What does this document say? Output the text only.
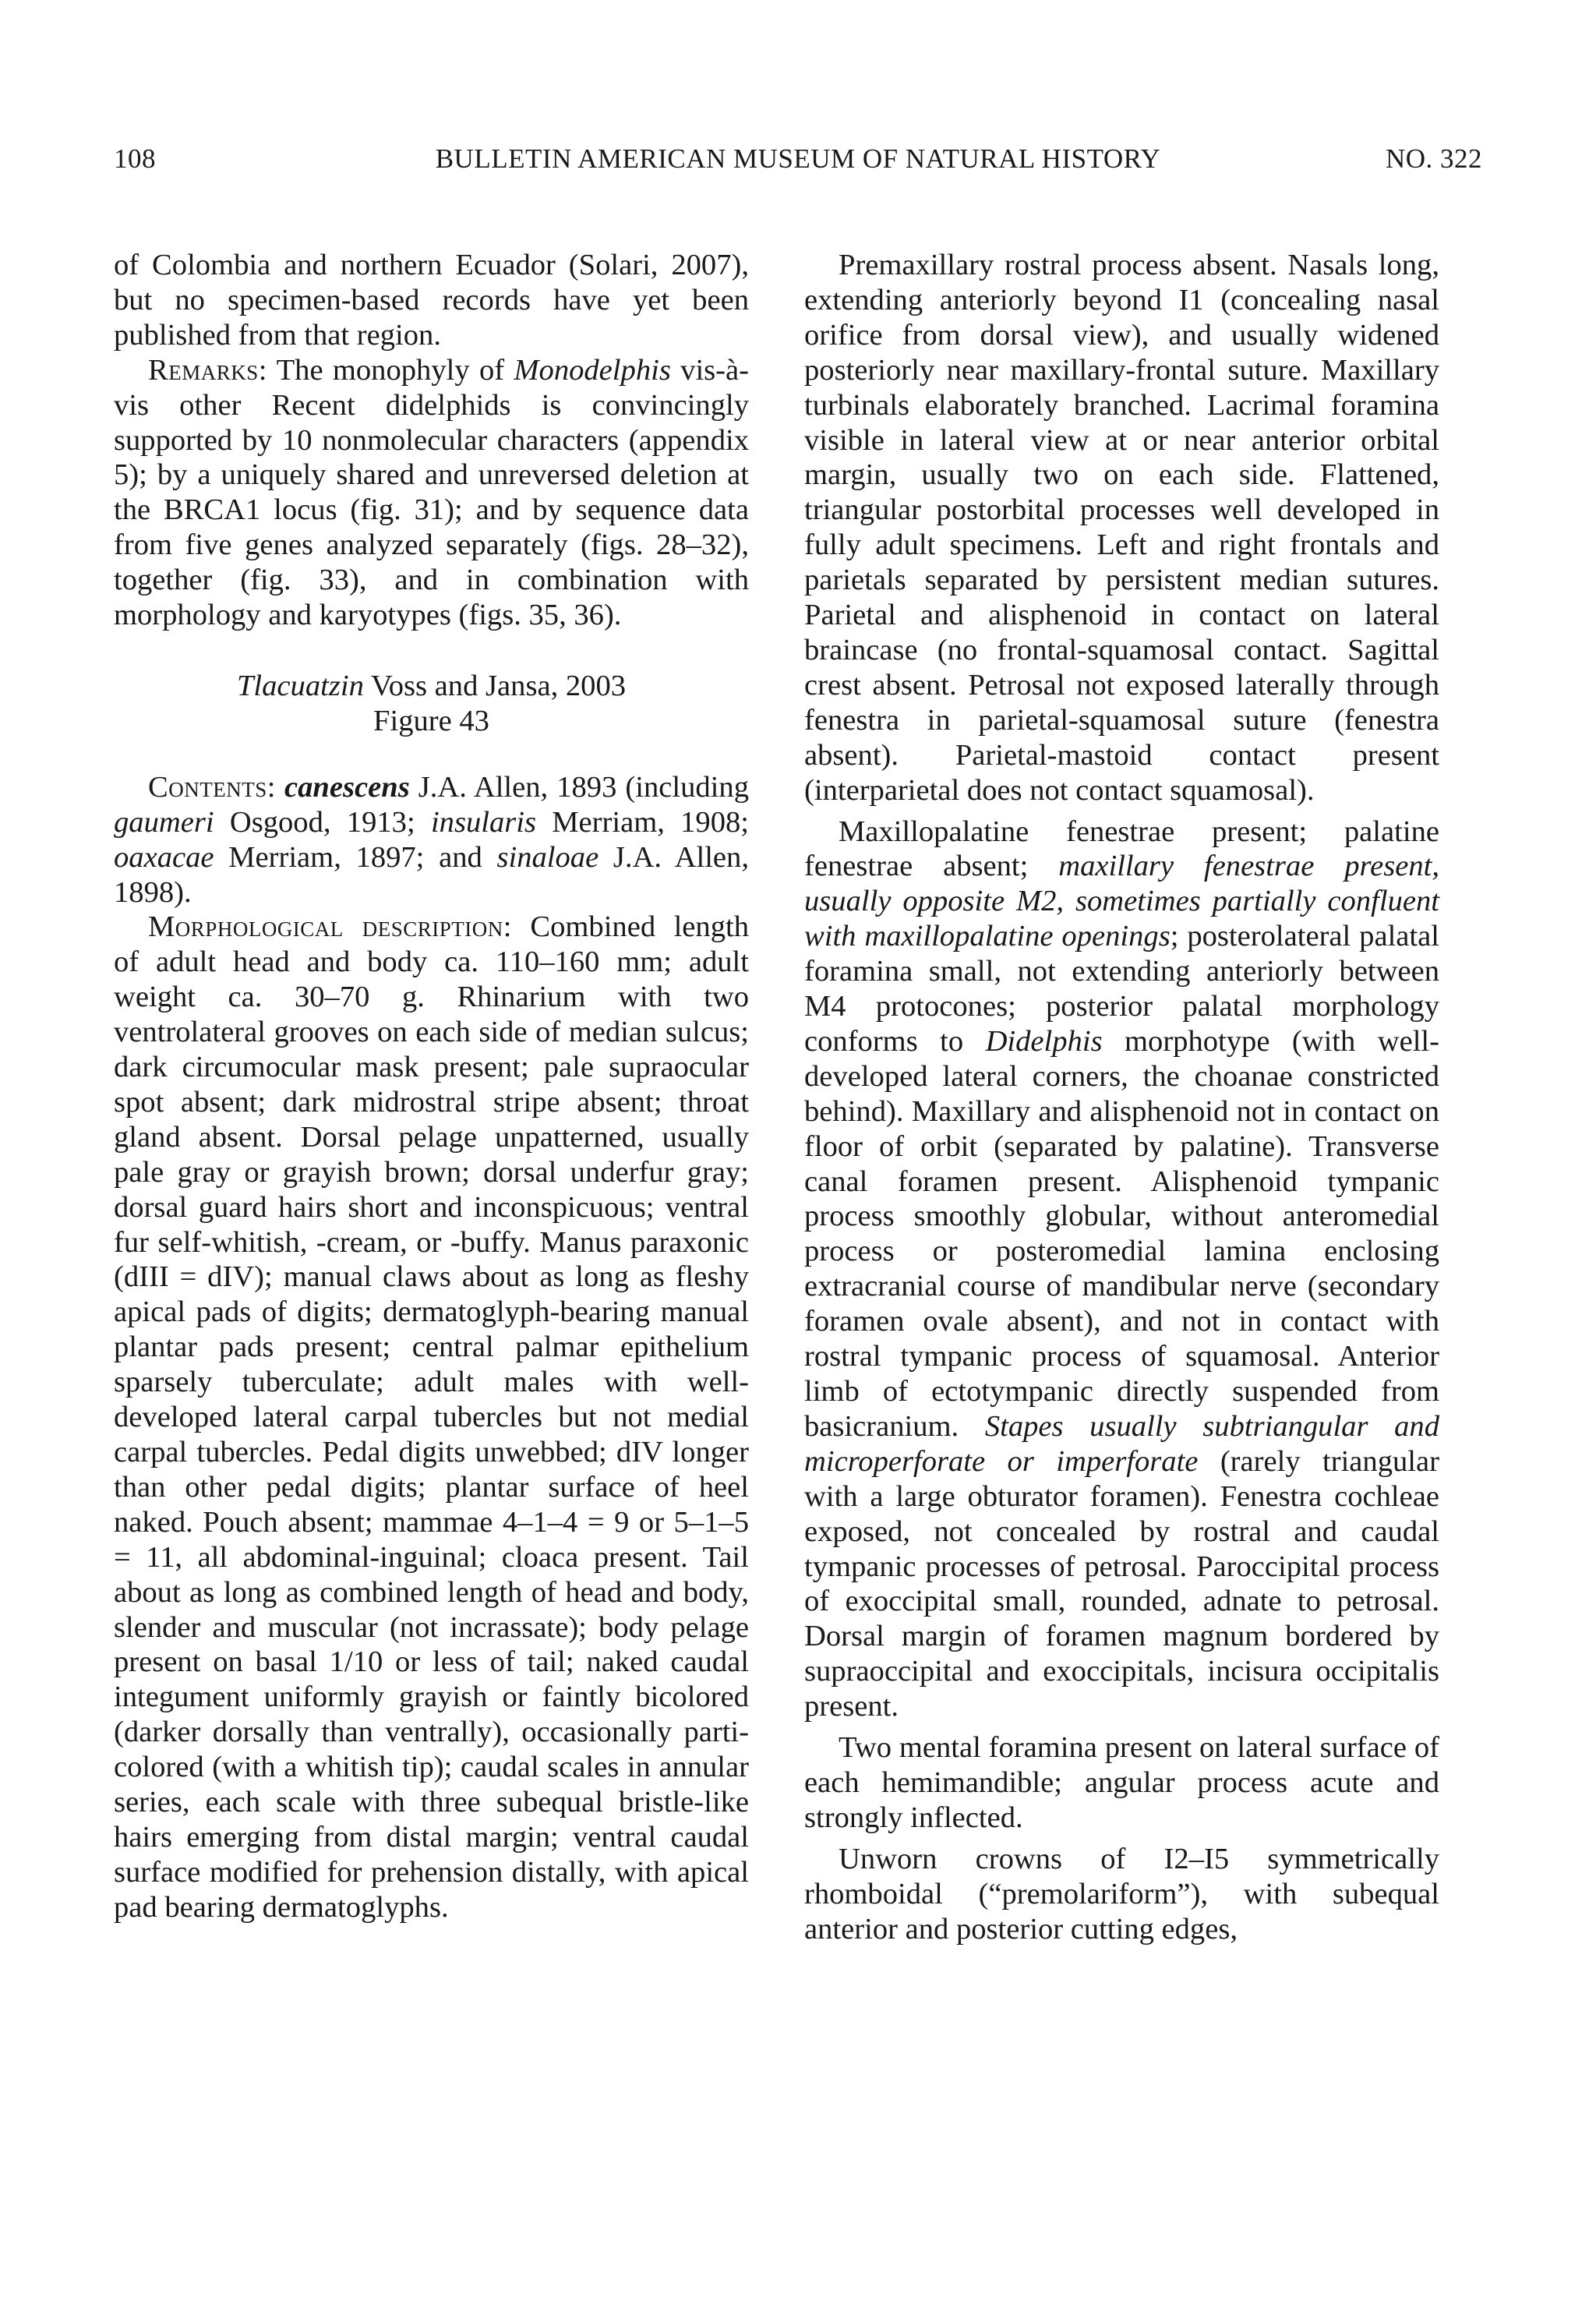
108	BULLETIN AMERICAN MUSEUM OF NATURAL HISTORY	NO. 322

of Colombia and northern Ecuador (Solari, 2007), but no specimen-based records have yet been published from that region.

Remarks: The monophyly of Monodelphis vis-à-vis other Recent didelphids is convincingly supported by 10 nonmolecular characters (appendix 5); by a uniquely shared and unreversed deletion at the BRCA1 locus (fig. 31); and by sequence data from five genes analyzed separately (figs. 28–32), together (fig. 33), and in combination with morphology and karyotypes (figs. 35, 36).

Tlacuatzin Voss and Jansa, 2003
Figure 43

Contents: canescens J.A. Allen, 1893 (including gaumeri Osgood, 1913; insularis Merriam, 1908; oaxacae Merriam, 1897; and sinaloae J.A. Allen, 1898).

Morphological description: Combined length of adult head and body ca. 110–160 mm; adult weight ca. 30–70 g. Rhinarium with two ventrolateral grooves on each side of median sulcus; dark circumocular mask present; pale supraocular spot absent; dark midrostral stripe absent; throat gland absent. Dorsal pelage unpatterned, usually pale gray or grayish brown; dorsal underfur gray; dorsal guard hairs short and inconspicuous; ventral fur self-whitish, -cream, or -buffy. Manus paraxonic (dIII = dIV); manual claws about as long as fleshy apical pads of digits; dermatoglyph-bearing manual plantar pads present; central palmar epithelium sparsely tuberculate; adult males with well-developed lateral carpal tubercles but not medial carpal tubercles. Pedal digits unwebbed; dIV longer than other pedal digits; plantar surface of heel naked. Pouch absent; mammae 4–1–4 = 9 or 5–1–5 = 11, all abdominal-inguinal; cloaca present. Tail about as long as combined length of head and body, slender and muscular (not incrassate); body pelage present on basal 1/10 or less of tail; naked caudal integument uniformly grayish or faintly bicolored (darker dorsally than ventrally), occasionally parti-colored (with a whitish tip); caudal scales in annular series, each scale with three subequal bristle-like hairs emerging from distal margin; ventral caudal surface modified for prehension distally, with apical pad bearing dermatoglyphs.

Premaxillary rostral process absent. Nasals long, extending anteriorly beyond I1 (concealing nasal orifice from dorsal view), and usually widened posteriorly near maxillary-frontal suture. Maxillary turbinals elaborately branched. Lacrimal foramina visible in lateral view at or near anterior orbital margin, usually two on each side. Flattened, triangular postorbital processes well developed in fully adult specimens. Left and right frontals and parietals separated by persistent median sutures. Parietal and alisphenoid in contact on lateral braincase (no frontal-squamosal contact. Sagittal crest absent. Petrosal not exposed laterally through fenestra in parietal-squamosal suture (fenestra absent). Parietal-mastoid contact present (interparietal does not contact squamosal).

Maxillopalatine fenestrae present; palatine fenestrae absent; maxillary fenestrae present, usually opposite M2, sometimes partially confluent with maxillopalatine openings; posterolateral palatal foramina small, not extending anteriorly between M4 protocones; posterior palatal morphology conforms to Didelphis morphotype (with well-developed lateral corners, the choanae constricted behind). Maxillary and alisphenoid not in contact on floor of orbit (separated by palatine). Transverse canal foramen present. Alisphenoid tympanic process smoothly globular, without anteromedial process or posteromedial lamina enclosing extracranial course of mandibular nerve (secondary foramen ovale absent), and not in contact with rostral tympanic process of squamosal. Anterior limb of ectotympanic directly suspended from basicranium. Stapes usually subtriangular and microperforate or imperforate (rarely triangular with a large obturator foramen). Fenestra cochleae exposed, not concealed by rostral and caudal tympanic processes of petrosal. Paroccipital process of exoccipital small, rounded, adnate to petrosal. Dorsal margin of foramen magnum bordered by supraoccipital and exoccipitals, incisura occipitalis present.

Two mental foramina present on lateral surface of each hemimandible; angular process acute and strongly inflected.

Unworn crowns of I2–I5 symmetrically rhomboidal (“premolariform”), with subequal anterior and posterior cutting edges,
